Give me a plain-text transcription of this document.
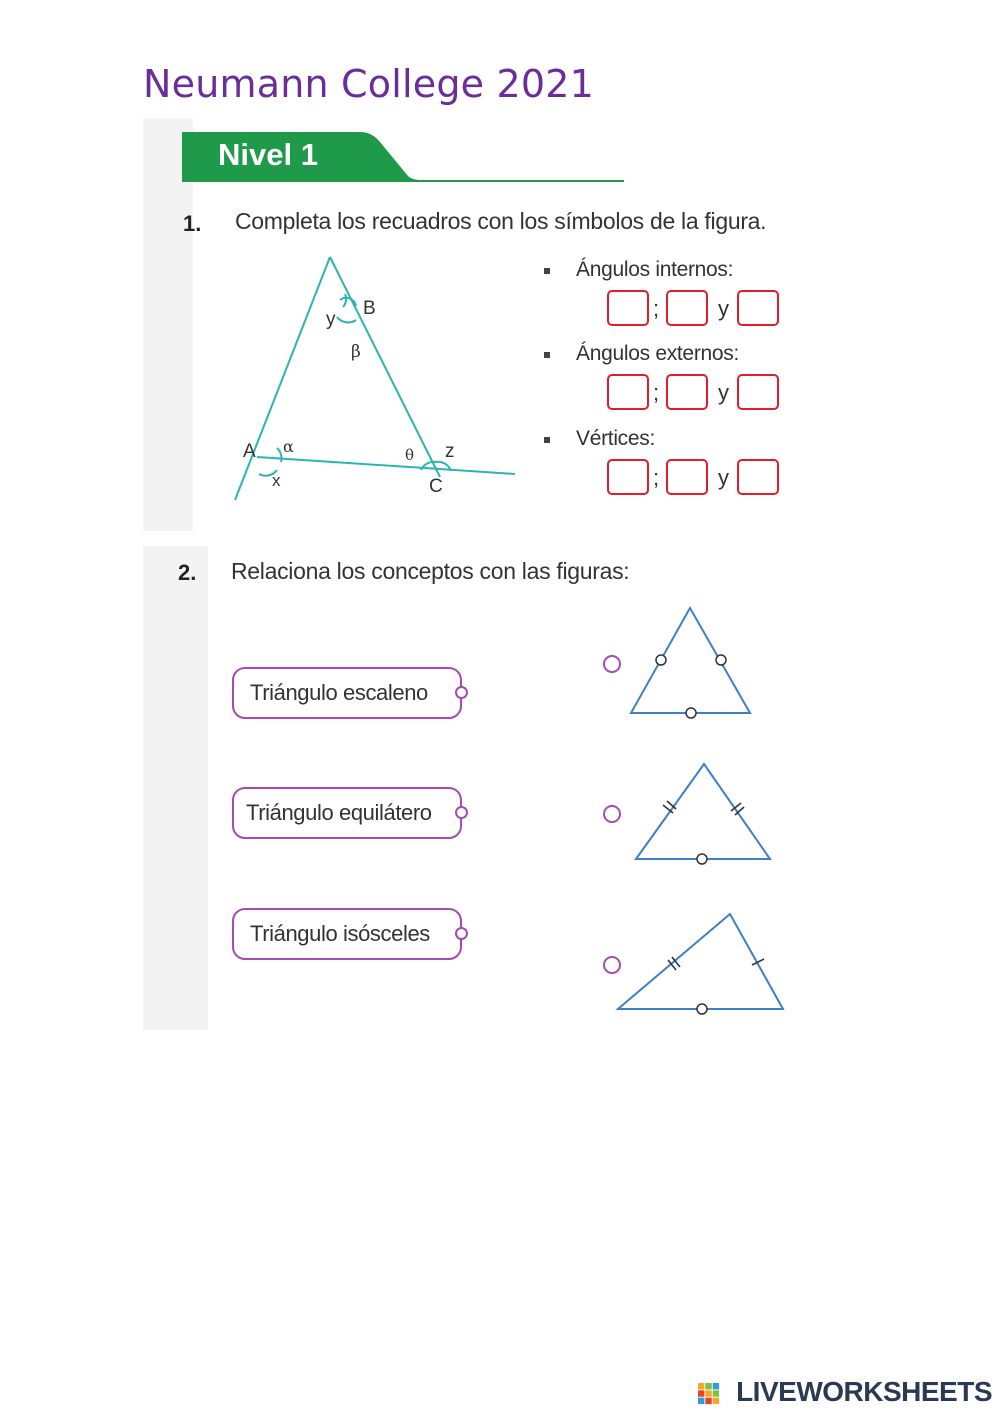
Neumann College 2021
Nivel 1
1. Completa los recuadros con los símbolos de la figura.
B
y
β
A α
x
θ z
C
Ángulos internos:
;	y
Ángulos externos:
;	y
Vértices:
;	y
2. Relaciona los conceptos con las figuras:
Triángulo escaleno
Triángulo equilátero
Triángulo isósceles
LIVEWORKSHEETS
